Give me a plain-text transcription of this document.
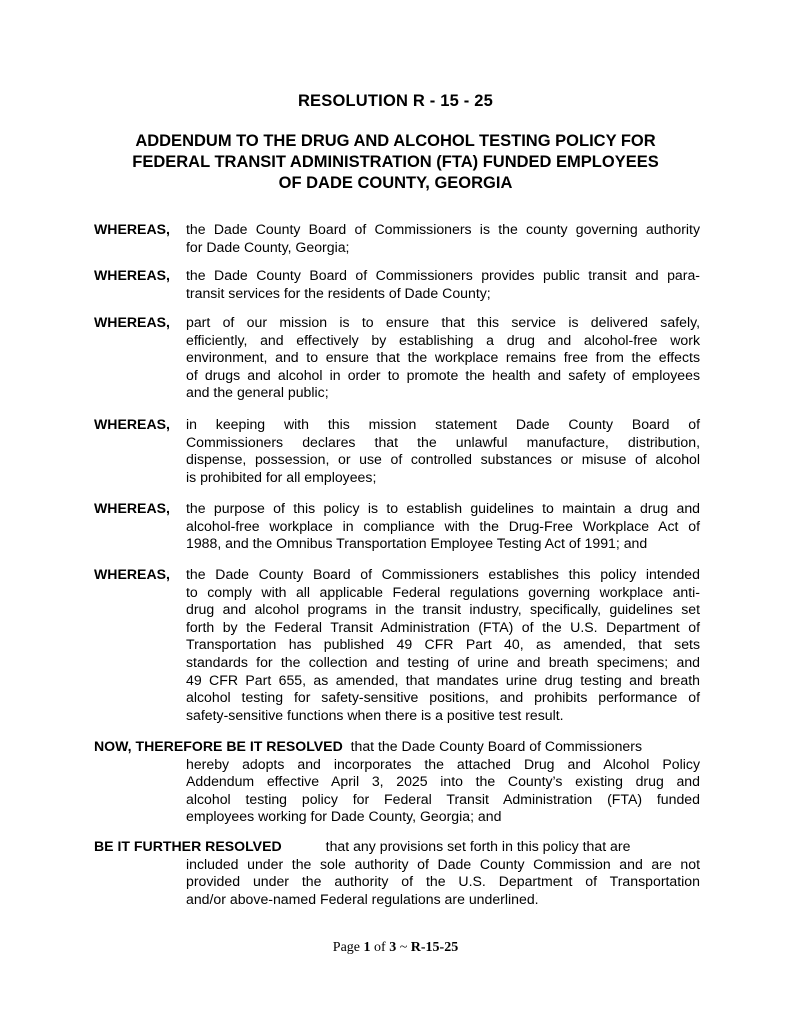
RESOLUTION R - 15 - 25
ADDENDUM TO THE DRUG AND ALCOHOL TESTING POLICY FOR
FEDERAL TRANSIT ADMINISTRATION (FTA) FUNDED EMPLOYEES
OF DADE COUNTY, GEORGIA
WHEREAS, the Dade County Board of Commissioners is the county governing authority
for Dade County, Georgia;
WHEREAS, the Dade County Board of Commissioners provides public transit and para-
transit services for the residents of Dade County;
WHEREAS, part of our mission is to ensure that this service is delivered safely,
efficiently, and effectively by establishing a drug and alcohol-free work
environment, and to ensure that the workplace remains free from the effects
of drugs and alcohol in order to promote the health and safety of employees
and the general public;
WHEREAS, in keeping with this mission statement Dade County Board of
Commissioners declares that the unlawful manufacture, distribution,
dispense, possession, or use of controlled substances or misuse of alcohol
is prohibited for all employees;
WHEREAS, the purpose of this policy is to establish guidelines to maintain a drug and
alcohol-free workplace in compliance with the Drug-Free Workplace Act of
1988, and the Omnibus Transportation Employee Testing Act of 1991; and
WHEREAS, the Dade County Board of Commissioners establishes this policy intended
to comply with all applicable Federal regulations governing workplace anti-
drug and alcohol programs in the transit industry, specifically, guidelines set
forth by the Federal Transit Administration (FTA) of the U.S. Department of
Transportation has published 49 CFR Part 40, as amended, that sets
standards for the collection and testing of urine and breath specimens; and
49 CFR Part 655, as amended, that mandates urine drug testing and breath
alcohol testing for safety-sensitive positions, and prohibits performance of
safety-sensitive functions when there is a positive test result.
NOW, THEREFORE BE IT RESOLVED that the Dade County Board of Commissioners
hereby adopts and incorporates the attached Drug and Alcohol Policy
Addendum effective April 3, 2025 into the County’s existing drug and
alcohol testing policy for Federal Transit Administration (FTA) funded
employees working for Dade County, Georgia; and
BE IT FURTHER RESOLVED	that any provisions set forth in this policy that are
included under the sole authority of Dade County Commission and are not
provided under the authority of the U.S. Department of Transportation
and/or above-named Federal regulations are underlined.
Page 1 of 3 ~ R-15-25
